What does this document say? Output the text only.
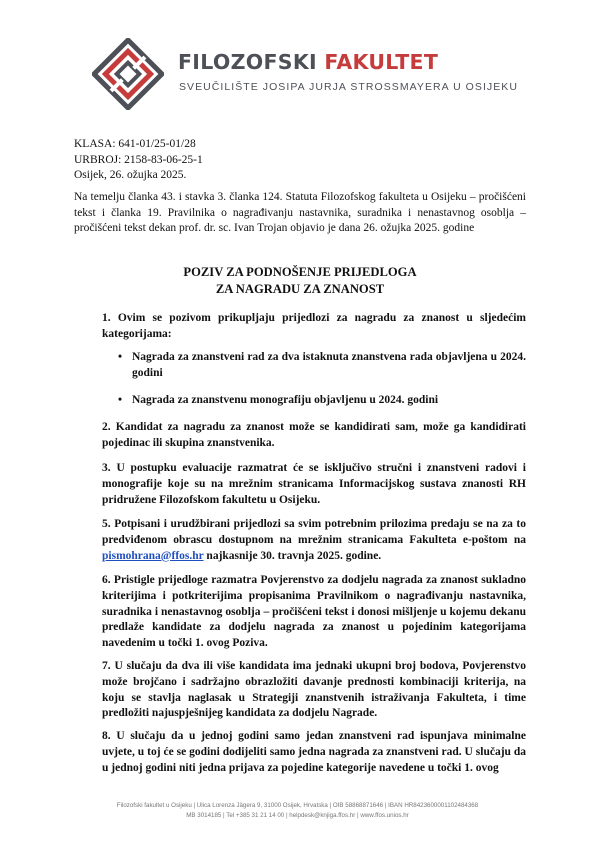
FILOZOFSKI FAKULTET

SVEUČILIŠTE JOSIPA JURJA STROSSMAYERA U OSIJEKU

KLASA: 641-01/25-01/28
URBROJ: 2158-83-06-25-1
Osijek, 26. ožujka 2025.

Na temelju članka 43. i stavka 3. članka 124. Statuta Filozofskog fakulteta u Osijeku – pročišćeni tekst i članka 19. Pravilnika o nagrađivanju nastavnika, suradnika i nenastavnog osoblja – pročišćeni tekst dekan prof. dr. sc. Ivan Trojan objavio je dana 26. ožujka 2025. godine

POZIV ZA PODNOŠENJE PRIJEDLOGA
ZA NAGRADU ZA ZNANOST

1. Ovim se pozivom prikupljaju prijedlozi za nagradu za znanost u sljedećim kategorijama:

• Nagrada za znanstveni rad za dva istaknuta znanstvena rada objavljena u 2024. godini
• Nagrada za znanstvenu monografiju objavljenu u 2024. godini

2. Kandidat za nagradu za znanost može se kandidirati sam, može ga kandidirati pojedinac ili skupina znanstvenika.

3. U postupku evaluacije razmatrat će se isključivo stručni i znanstveni radovi i monografije koje su na mrežnim stranicama Informacijskog sustava znanosti RH pridružene Filozofskom fakultetu u Osijeku.

5. Potpisani i urudžbirani prijedlozi sa svim potrebnim prilozima predaju se na za to predviđenom obrascu dostupnom na mrežnim stranicama Fakulteta e-poštom na pismohrana@ffos.hr najkasnije 30. travnja 2025. godine.

6. Pristigle prijedloge razmatra Povjerenstvo za dodjelu nagrada za znanost sukladno kriterijima i potkriterijima propisanima Pravilnikom o nagrađivanju nastavnika, suradnika i nenastavnog osoblja – pročišćeni tekst i donosi mišljenje u kojemu dekanu predlaže kandidate za dodjelu nagrada za znanost u pojedinim kategorijama navedenim u točki 1. ovog Poziva.

7. U slučaju da dva ili više kandidata ima jednaki ukupni broj bodova, Povjerenstvo može brojčano i sadržajno obrazložiti davanje prednosti kombinaciji kriterija, na koju se stavlja naglasak u Strategiji znanstvenih istraživanja Fakulteta, i time predložiti najuspješnijeg kandidata za dodjelu Nagrade.

8. U slučaju da u jednoj godini samo jedan znanstveni rad ispunjava minimalne uvjete, u toj će se godini dodijeliti samo jedna nagrada za znanstveni rad. U slučaju da u jednoj godini niti jedna prijava za pojedine kategorije navedene u točki 1. ovog

Filozofski fakultet u Osijeku | Ulica Lorenza Jägera 9, 31000 Osijek, Hrvatska | OIB 58868871646 | IBAN HR8423600001102484368
MB 3014185 | Tel +385 31 21 14 00 | helpdesk@knjiga.ffos.hr | www.ffos.unios.hr
